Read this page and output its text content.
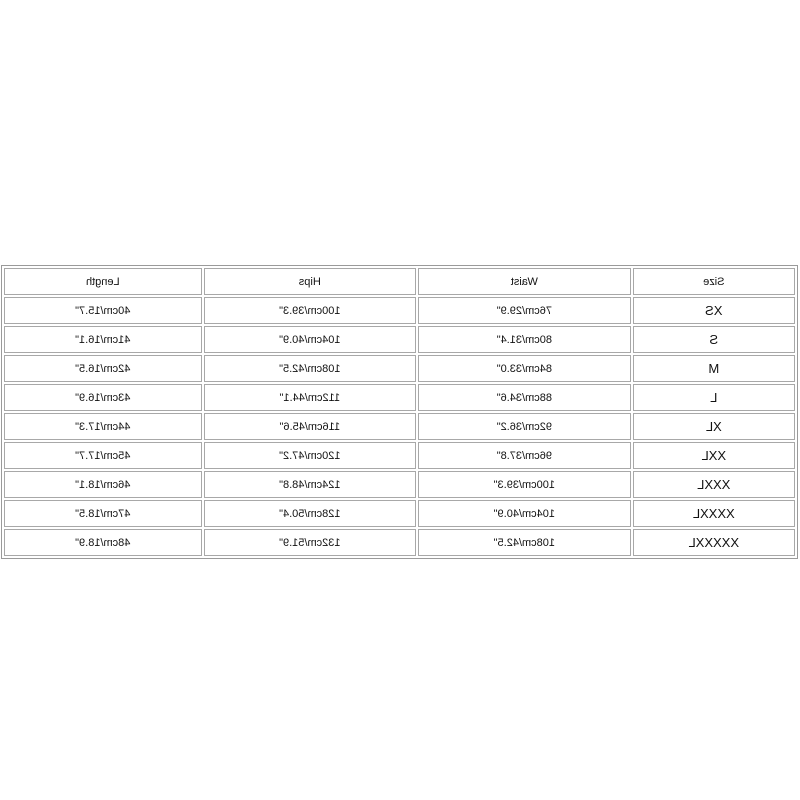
Size	Waist	Hips	Length
XS	76cm/29.9"	100cm/39.3"	40cm/15.7"
S	80cm/31.4"	104cm/40.9"	41cm/16.1"
M	84cm/33.0"	108cm/42.5"	42cm/16.5"
L	88cm/34.6"	112cm/44.1"	43cm/16.9"
XL	92cm/36.2"	116cm/45.6"	44cm/17.3"
XXL	96cm/37.8"	120cm/47.2"	45cm/17.7"
XXXL	100cm/39.3"	124cm/48.8"	46cm/18.1"
XXXXL	104cm/40.9"	128cm/50.4"	47cm/18.5"
XXXXXL	108cm/42.5"	132cm/51.9"	48cm/18.9"
